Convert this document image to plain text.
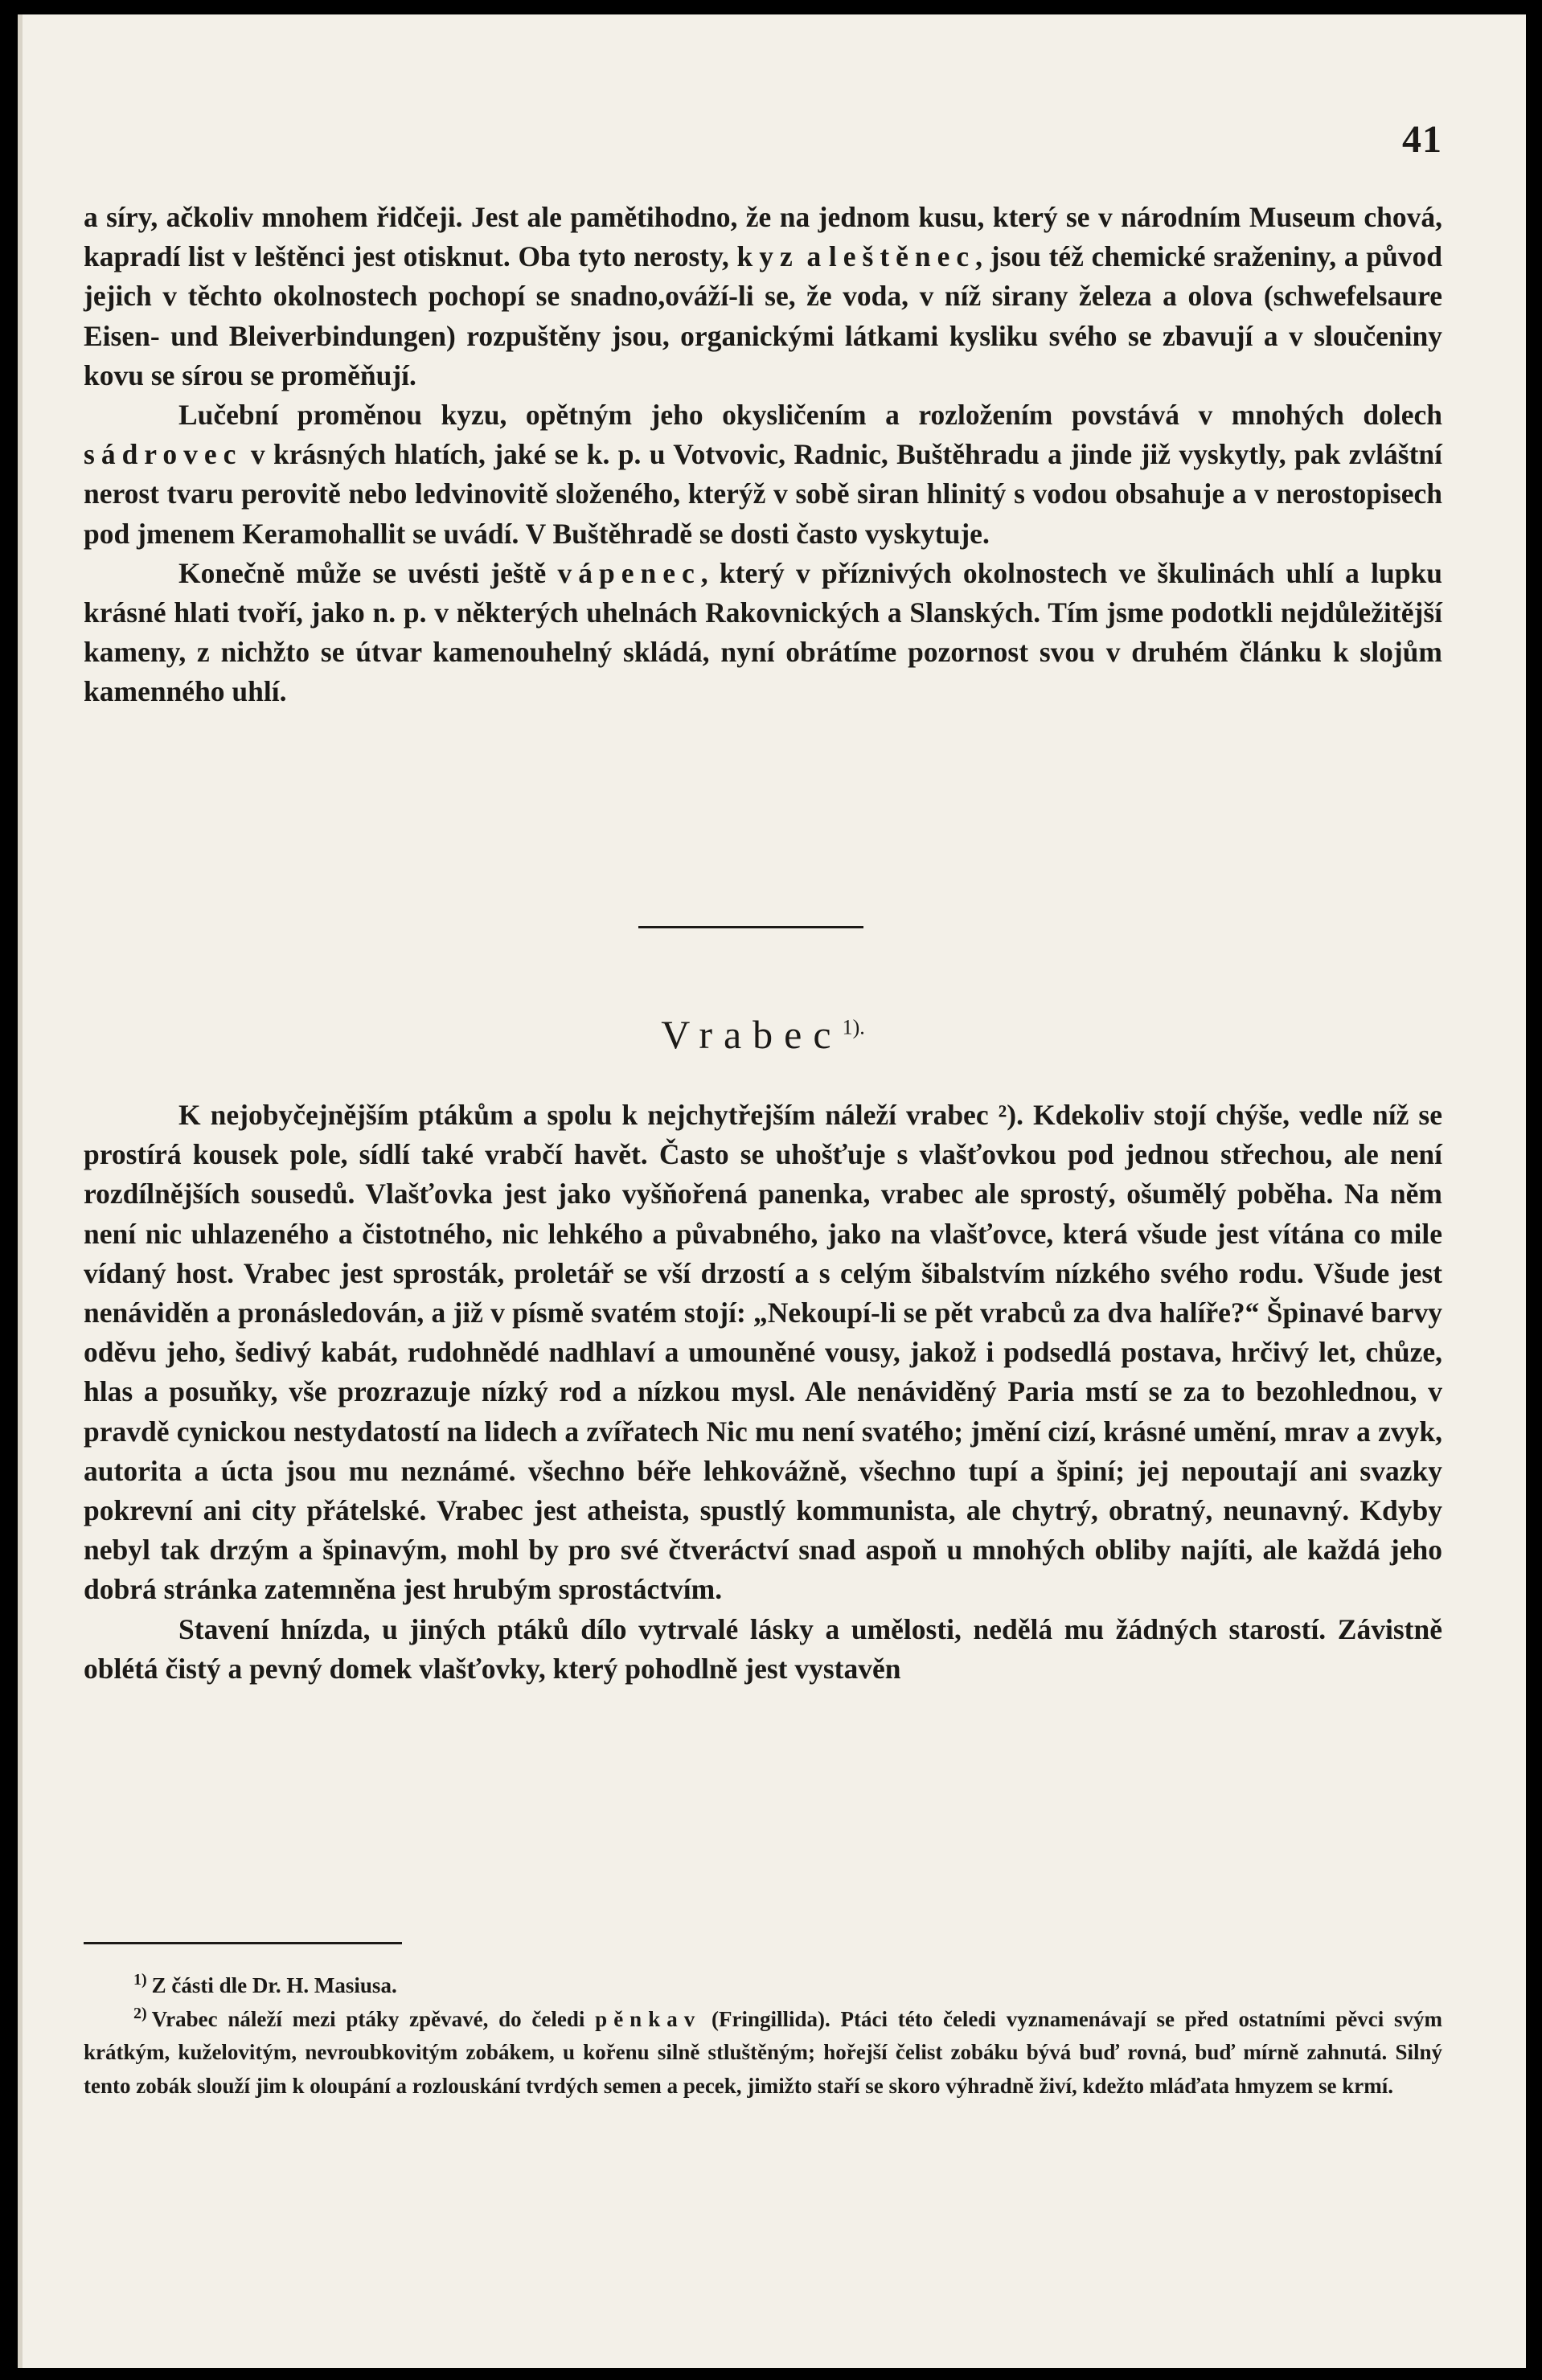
41

a síry, ačkoliv mnohem řidčeji. Jest ale pamětihodno, že na jednom kusu, který se v národním Museum chová, kapradí list v leštěnci jest otisknut. Oba tyto nerosty, kyz a leštěnec, jsou též chemické sraženiny, a původ jejich v těchto okolnostech pochopí se snadno,ováží-li se, že voda, v níž sirany železa a olova (schwefelsaure Eisen- und Bleiverbindungen) rozpuštěny jsou, organickými látkami kysliku svého se zbavují a v sloučeniny kovu se sírou se proměňují.

Lučební proměnou kyzu, opětným jeho okysličením a rozložením povstává v mnohých dolech sádrovec v krásných hlatích, jaké se k. p. u Votvovic, Radnic, Buštěhradu a jinde již vyskytly, pak zvláštní nerost tvaru perovitě nebo ledvinovitě složeného, kterýž v sobě siran hlinitý s vodou obsahuje a v nerostopisech pod jmenem Keramohallit se uvádí. V Buštěhradě se dosti často vyskytuje.

Konečně může se uvésti ještě vápenec, který v příznivých okolnostech ve škulinách uhlí a lupku krásné hlati tvoří, jako n. p. v některých uhelnách Rakovnických a Slanských. Tím jsme podotkli nejdůležitější kameny, z nichžto se útvar kamenouhelný skládá, nyní obrátíme pozornost svou v druhém článku k slojům kamenného uhlí.

Vrabec$^{1).}$

K nejobyčejnějším ptákům a spolu k nejchytřejším náleží vrabec ²). Kdekoliv stojí chýše, vedle níž se prostírá kousek pole, sídlí také vrabčí havět. Často se uhošťuje s vlašťovkou pod jednou střechou, ale není rozdílnějších sousedů. Vlašťovka jest jako vyšňořená panenka, vrabec ale sprostý, ošumělý poběha. Na něm není nic uhlazeného a čistotného, nic lehkého a půvabného, jako na vlašťovce, která všude jest vítána co mile vídaný host. Vrabec jest sprosták, proletář se vší drzostí a s celým šibalstvím nízkého svého rodu. Všude jest nenáviděn a pronásledován, a již v písmě svatém stojí: „Nekoupí-li se pět vrabců za dva halíře?“ Špinavé barvy oděvu jeho, šedivý kabát, rudohnědé nadhlaví a umouněné vousy, jakož i podsedlá postava, hrčivý let, chůze, hlas a posuňky, vše prozrazuje nízký rod a nízkou mysl. Ale nenáviděný Paria mstí se za to bezohlednou, v pravdě cynickou nestydatostí na lidech a zvířatech Nic mu není svatého; jmění cizí, krásné umění, mrav a zvyk, autorita a úcta jsou mu neznámé. všechno béře lehkovážně, všechno tupí a špiní; jej nepoutají ani svazky pokrevní ani city přátelské. Vrabec jest atheista, spustlý kommunista, ale chytrý, obratný, neunavný. Kdyby nebyl tak drzým a špinavým, mohl by pro své čtveráctví snad aspoň u mnohých obliby najíti, ale každá jeho dobrá stránka zatemněna jest hrubým sprostáctvím.

Stavení hnízda, u jiných ptáků dílo vytrvalé lásky a umělosti, nedělá mu žádných starostí. Závistně oblétá čistý a pevný domek vlašťovky, který pohodlně jest vystavěn

$^{1)}$ Z části dle Dr. H. Masiusa.

$^{2)}$ Vrabec náleží mezi ptáky zpěvavé, do čeledi pěnkav (Fringillida). Ptáci této čeledi vyznamenávají se před ostatními pěvci svým krátkým, kuželovitým, nevroubkovitým zobákem, u kořenu silně stluštěným; hořejší čelist zobáku bývá buď rovná, buď mírně zahnutá. Silný tento zobák slouží jim k oloupání a rozlouskání tvrdých semen a pecek, jimižto staří se skoro výhradně živí, kdežto mláďata hmyzem se krmí.
